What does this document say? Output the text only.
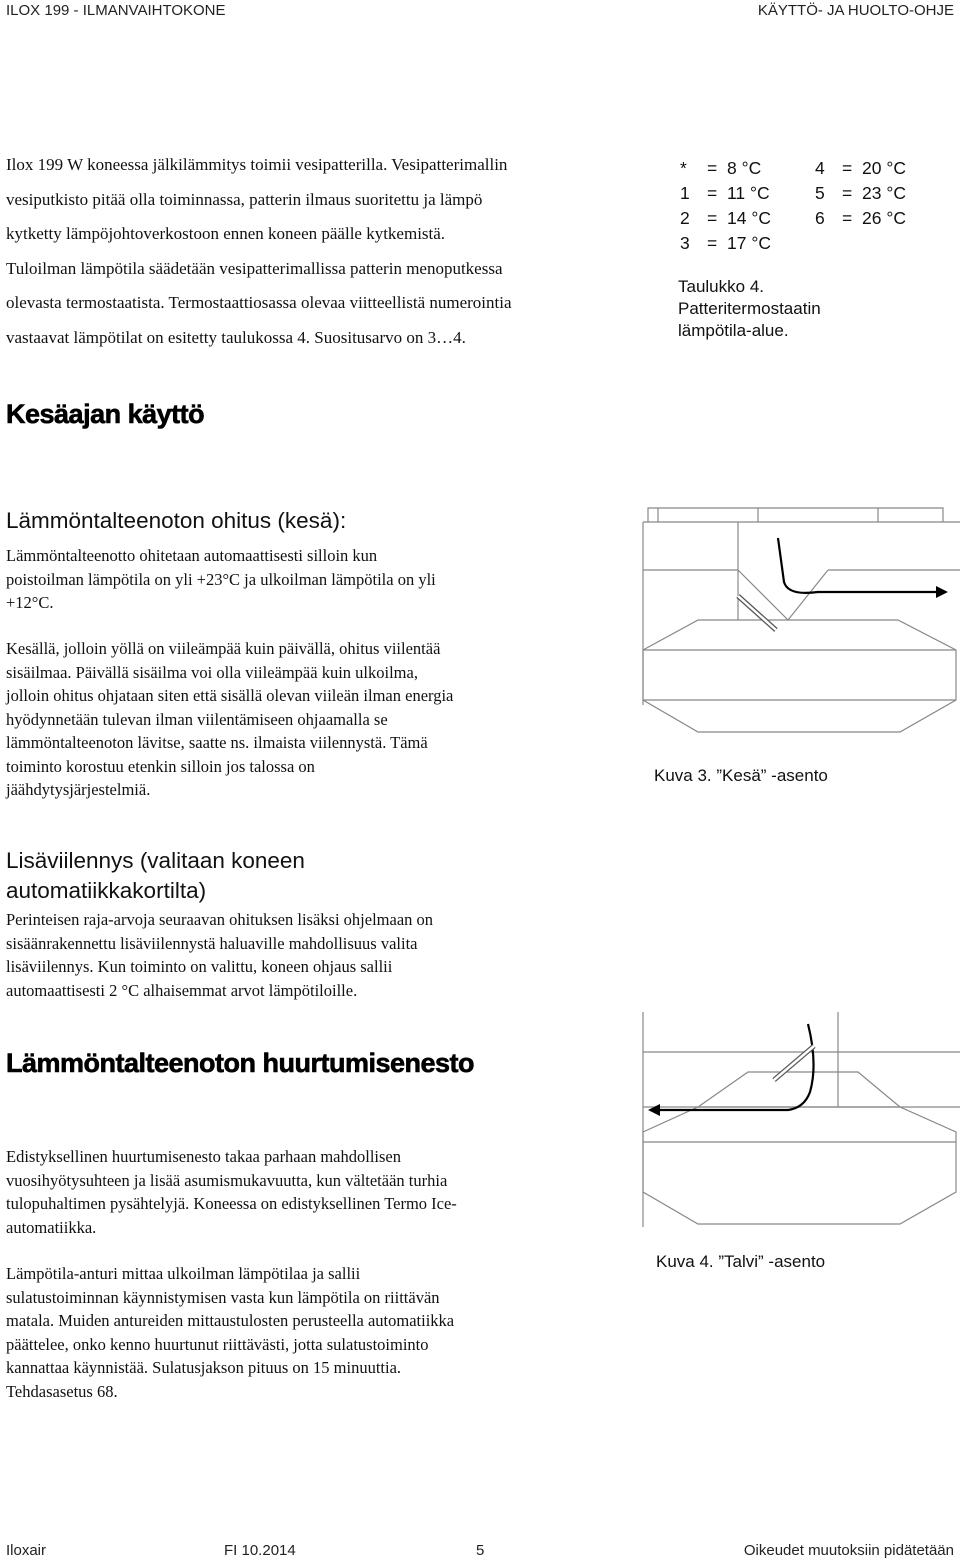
ILOX 199 - ILMANVAIHTOKONE	KÄYTTÖ- JA HUOLTO-OHJE

Ilox 199 W koneessa jälkilämmitys toimii vesipatterilla. Vesipatterimallin

vesiputkisto pitää olla toiminnassa, patterin ilmaus suoritettu ja lämpö

kytketty lämpöjohtoverkostoon ennen koneen päälle kytkemistä.

Tuloilman lämpötila säädetään vesipatterimallissa patterin menoputkessa

olevasta termostaatista. Termostaattiosassa olevaa viitteellistä numerointia

vastaavat lämpötilat on esitetty taulukossa 4. Suositusarvo on 3…4.

*	= 8 °C	4 = 20 °C
1 = 11 °C	5 = 23 °C
2 = 14 °C	6 = 26 °C
3 = 17 °C
Taulukko 4.
Patteritermostaatin
lämpötila-alue.
Kesäajan käyttö
Lämmöntalteenoton ohitus (kesä):

Lämmöntalteenotto ohitetaan automaattisesti silloin kun

poistoilman lämpötila on yli +23°C ja ulkoilman lämpötila on yli

+12°C.

Kesällä, jolloin yöllä on viileämpää kuin päivällä, ohitus viilentää

sisäilmaa. Päivällä sisäilma voi olla viileämpää kuin ulkoilma,

jolloin ohitus ohjataan siten että sisällä olevan viileän ilman energia

hyödynnetään tulevan ilman viilentämiseen ohjaamalla se

lämmöntalteenoton lävitse, saatte ns. ilmaista viilennystä. Tämä

toiminto korostuu etenkin silloin jos talossa on

jäähdytysjärjestelmiä.

Kuva 3. ”Kesä” -asento
Lisäviilennys (valitaan koneen
automatiikkakortilta)

Perinteisen raja-arvoja seuraavan ohituksen lisäksi ohjelmaan on

sisäänrakennettu lisäviilennystä haluaville mahdollisuus valita

lisäviilennys. Kun toiminto on valittu, koneen ohjaus sallii

automaattisesti 2 °C alhaisemmat arvot lämpötiloille.

Lämmöntalteenoton huurtumisenesto

Edistyksellinen huurtumisenesto takaa parhaan mahdollisen

vuosihyötysuhteen ja lisää asumismukavuutta, kun vältetään turhia

tulopuhaltimen pysähtelyjä. Koneessa on edistyksellinen Termo Ice-

automatiikka.

Lämpötila-anturi mittaa ulkoilman lämpötilaa ja sallii

sulatustoiminnan käynnistymisen vasta kun lämpötila on riittävän

matala. Muiden antureiden mittaustulosten perusteella automatiikka

päättelee, onko kenno huurtunut riittävästi, jotta sulatustoiminto

kannattaa käynnistää. Sulatusjakson pituus on 15 minuuttia.

Tehdasasetus 68.

Kuva 4. ”Talvi” -asento
Iloxair	FI 10.2014	5	Oikeudet muutoksiin pidätetään
